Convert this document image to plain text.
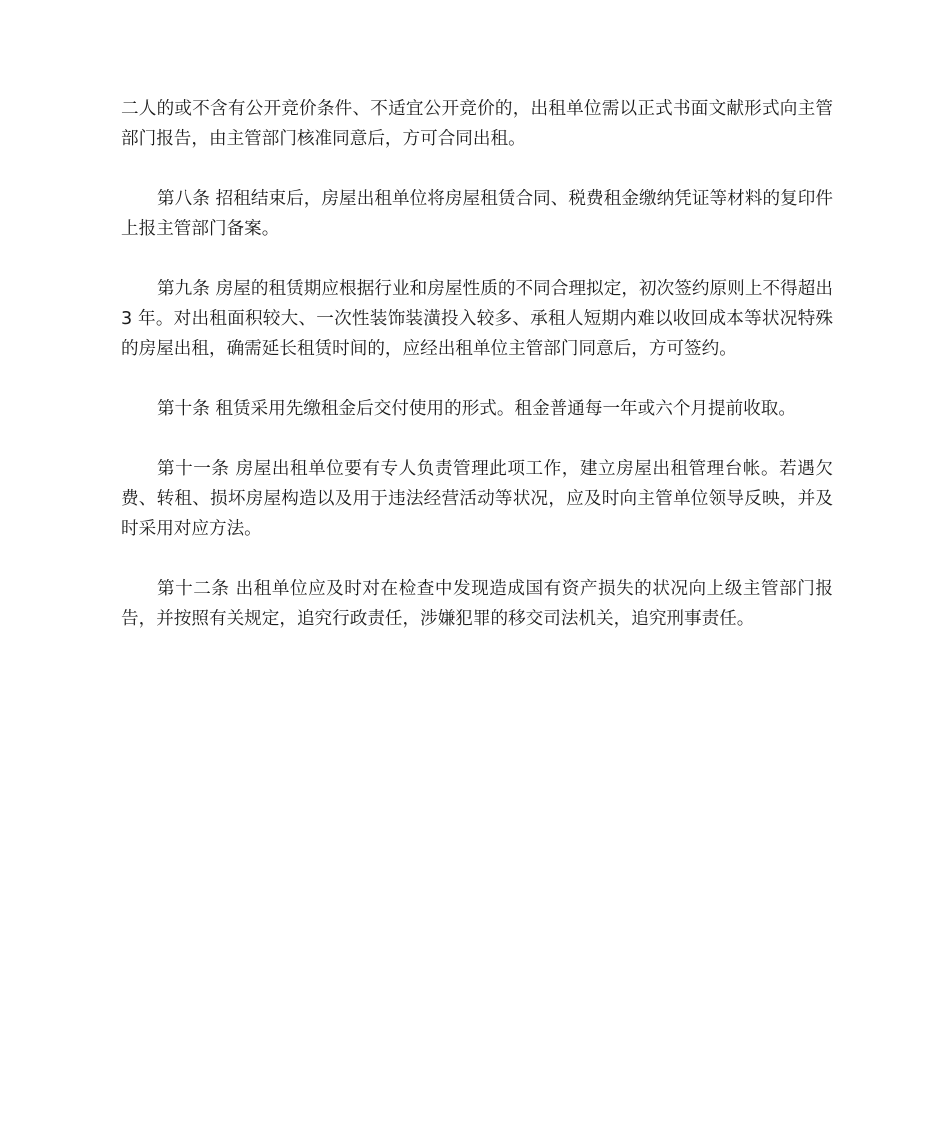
二人的或不含有公开竞价条件、不适宜公开竞价的，出租单位需以正式书面文献形式向主管部门报告，由主管部门核准同意后，方可合同出租。

第八条 招租结束后，房屋出租单位将房屋租赁合同、税费租金缴纳凭证等材料的复印件上报主管部门备案。

第九条 房屋的租赁期应根据行业和房屋性质的不同合理拟定，初次签约原则上不得超出 3 年。对出租面积较大、一次性装饰装潢投入较多、承租人短期内难以收回成本等状况特殊的房屋出租，确需延长租赁时间的，应经出租单位主管部门同意后，方可签约。

第十条 租赁采用先缴租金后交付使用的形式。租金普通每一年或六个月提前收取。

第十一条 房屋出租单位要有专人负责管理此项工作，建立房屋出租管理台帐。若遇欠费、转租、损坏房屋构造以及用于违法经营活动等状况，应及时向主管单位领导反映，并及时采用对应方法。

第十二条 出租单位应及时对在检查中发现造成国有资产损失的状况向上级主管部门报告，并按照有关规定，追究行政责任，涉嫌犯罪的移交司法机关，追究刑事责任。
